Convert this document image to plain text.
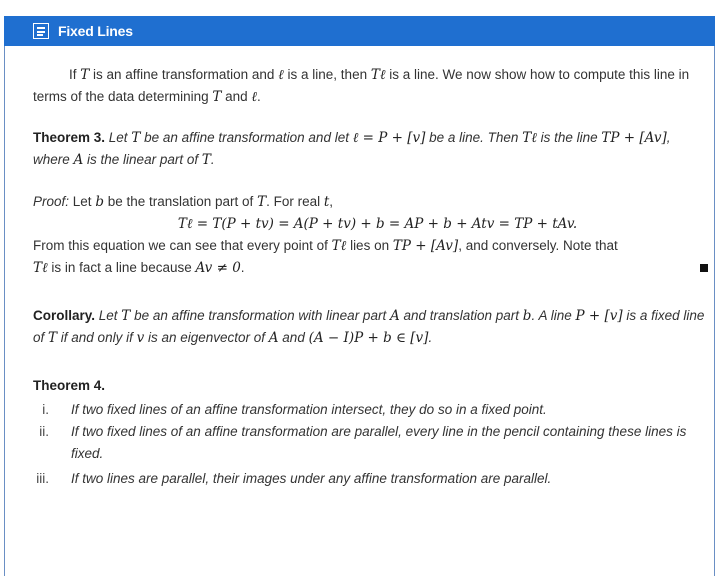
Fixed Lines

If T is an affine transformation and ℓ is a line, then Tℓ is a line. We now show how to compute this line in terms of the data determining T and ℓ.

Theorem 3. Let T be an affine transformation and let ℓ = P + [v] be a line. Then Tℓ is the line TP + [Av], where A is the linear part of T.

Proof: Let b be the translation part of T. For real t,

Tℓ = T(P + tv) = A(P + tv) + b = AP + b + Atv = TP + tAv.

From this equation we can see that every point of Tℓ lies on TP + [Av], and conversely. Note that

Tℓ is in fact a line because Av ≠ 0.

Corollary. Let T be an affine transformation with linear part A and translation part b. A line P + [v] is a fixed line of T if and only if v is an eigenvector of A and (A − I)P + b ∈ [v].

Theorem 4.

i.	If two fixed lines of an affine transformation intersect, they do so in a fixed point.
ii.	If two fixed lines of an affine transformation are parallel, every line in the pencil containing these lines is fixed.
iii.	If two lines are parallel, their images under any affine transformation are parallel.
